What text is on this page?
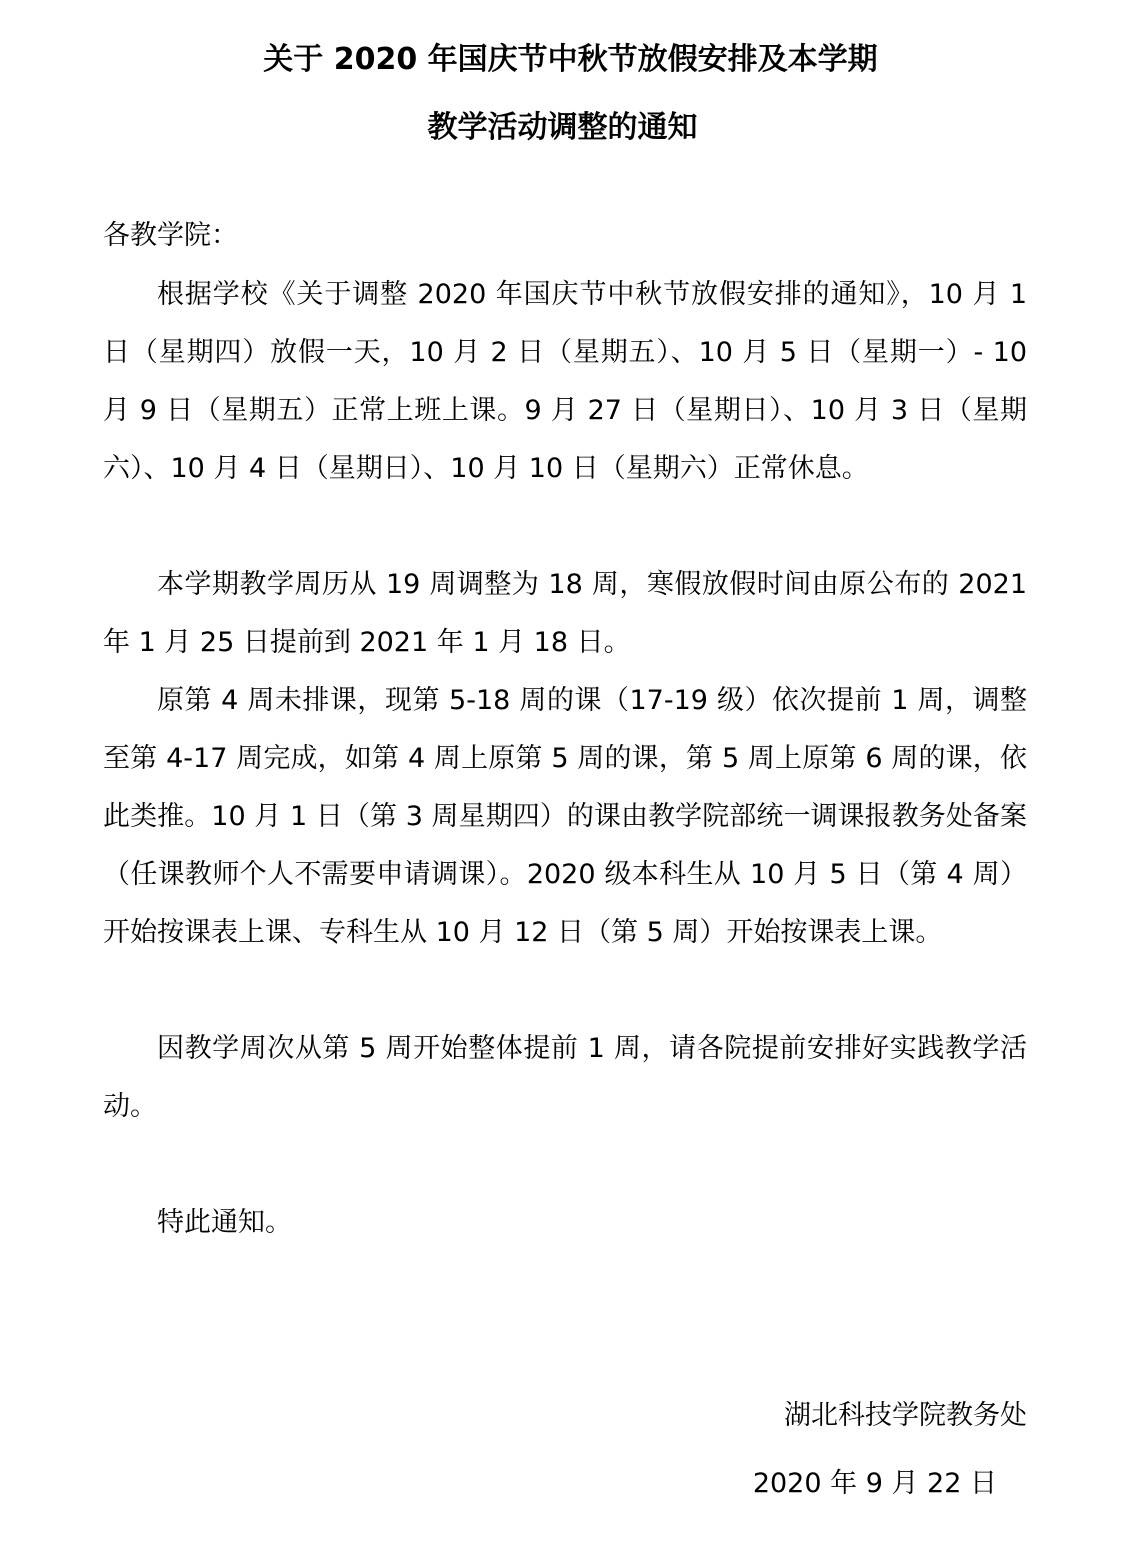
关于 2020 年国庆节中秋节放假安排及本学期
教学活动调整的通知
各教学院：

根据学校《关于调整 2020 年国庆节中秋节放假安排的通知》，10 月 1 日（星期四）放假一天，10 月 2 日（星期五）、10 月 5 日（星期一）- 10 月 9 日（星期五）正常上班上课。9 月 27 日（星期日）、10 月 3 日（星期六）、10 月 4 日（星期日）、10 月 10 日（星期六）正常休息。

本学期教学周历从 19 周调整为 18 周，寒假放假时间由原公布的 2021 年 1 月 25 日提前到 2021 年 1 月 18 日。

原第 4 周未排课，现第 5-18 周的课（17-19 级）依次提前 1 周，调整至第 4-17 周完成，如第 4 周上原第 5 周的课，第 5 周上原第 6 周的课，依此类推。10 月 1 日（第 3 周星期四）的课由教学院部统一调课报教务处备案（任课教师个人不需要申请调课）。2020 级本科生从 10 月 5 日（第 4 周）开始按课表上课、专科生从 10 月 12 日（第 5 周）开始按课表上课。

因教学周次从第 5 周开始整体提前 1 周，请各院提前安排好实践教学活动。

特此通知。

湖北科技学院教务处
2020 年 9 月 22 日
